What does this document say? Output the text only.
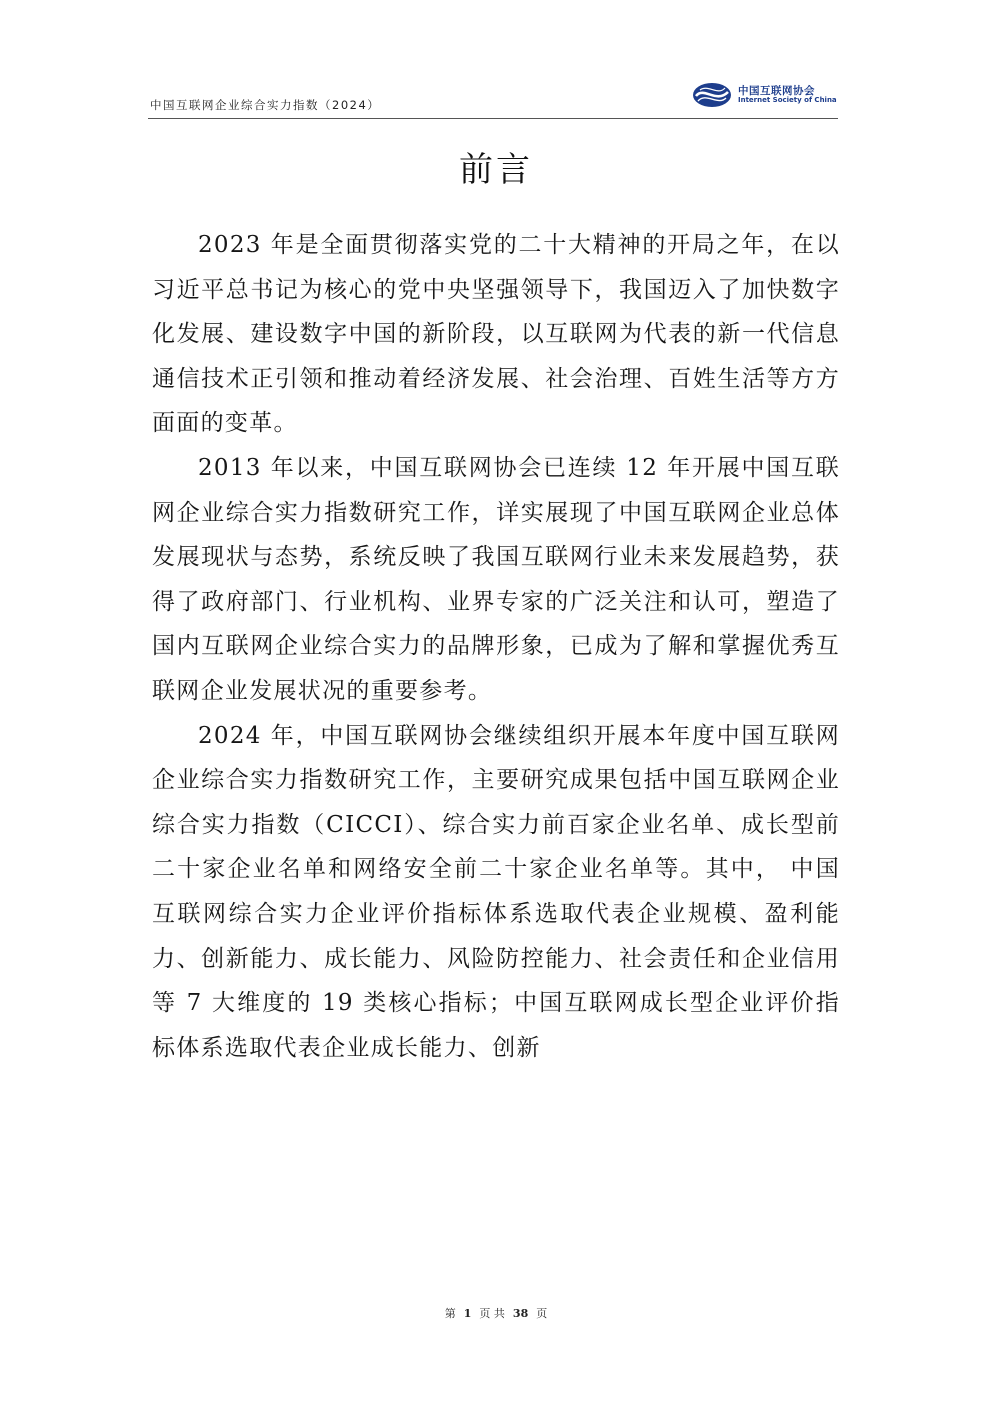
中国互联网企业综合实力指数（2024）
中国互联网协会
Internet Society of China
前言

2023 年是全面贯彻落实党的二十大精神的开局之年，在以习近平总书记为核心的党中央坚强领导下，我国迈入了加快数字化发展、建设数字中国的新阶段，以互联网为代表的新一代信息通信技术正引领和推动着经济发展、社会治理、百姓生活等方方面面的变革。

2013 年以来，中国互联网协会已连续 12 年开展中国互联网企业综合实力指数研究工作，详实展现了中国互联网企业总体发展现状与态势，系统反映了我国互联网行业未来发展趋势，获得了政府部门、行业机构、业界专家的广泛关注和认可，塑造了国内互联网企业综合实力的品牌形象，已成为了解和掌握优秀互联网企业发展状况的重要参考。

2024 年，中国互联网协会继续组织开展本年度中国互联网企业综合实力指数研究工作，主要研究成果包括中国互联网企业综合实力指数（CICCI）、综合实力前百家企业名单、成长型前二十家企业名单和网络安全前二十家企业名单等。其中， 中国互联网综合实力企业评价指标体系选取代表企业规模、盈利能力、创新能力、成长能力、风险防控能力、社会责任和企业信用等 7 大维度的 19 类核心指标；中国互联网成长型企业评价指标体系选取代表企业成长能力、创新

第 1 页 共 38 页
